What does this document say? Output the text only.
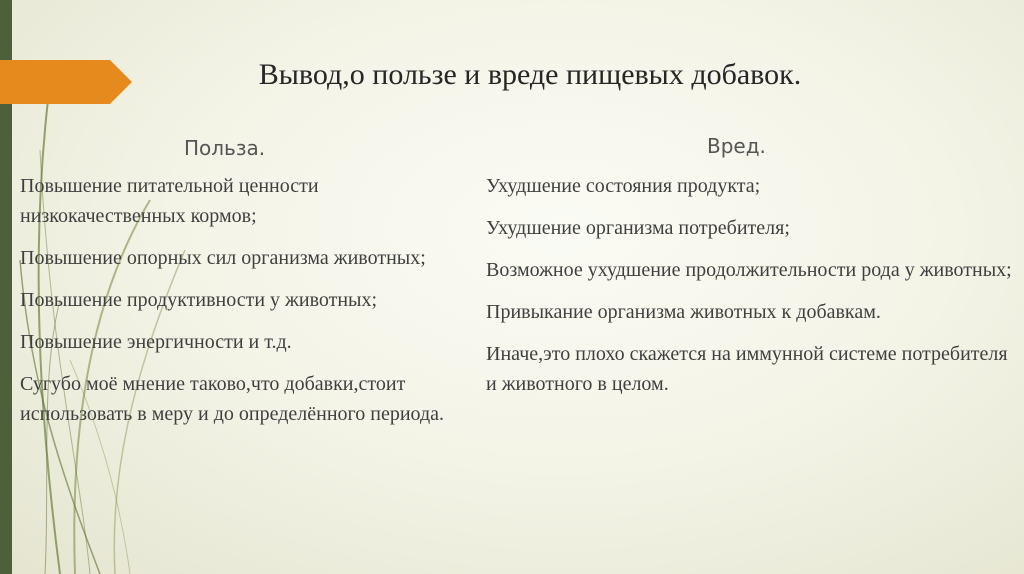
Вывод,о пользе и вреде пищевых добавок.
Польза.	Вред.
Повышение питательной ценности низкокачественных кормов;
Повышение опорных сил организма животных;
Повышение продуктивности у животных;
Повышение энергичности и т.д.
Сугубо моё мнение таково,что добавки,стоит использовать в меру и до определённого периода.
Ухудшение состояния продукта;
Ухудшение организма потребителя;
Возможное ухудшение продолжительности рода у животных;
Привыкание организма животных к добавкам.
Иначе,это плохо скажется на иммунной системе потребителя и животного в целом.
